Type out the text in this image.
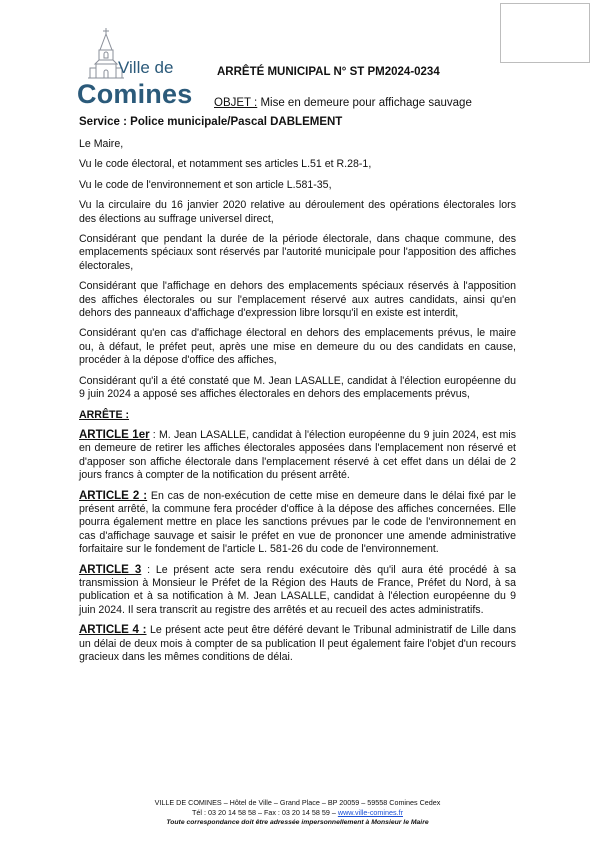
Ville de
Comines
ARRÊTÉ MUNICIPAL N° ST PM2024-0234
OBJET : Mise en demeure pour affichage sauvage
Service : Police municipale/Pascal DABLEMENT

Le Maire,

Vu le code électoral, et notamment ses articles L.51 et R.28-1,

Vu le code de l'environnement et son article L.581-35,

Vu la circulaire du 16 janvier 2020 relative au déroulement des opérations électorales lors des élections au suffrage universel direct,

Considérant que pendant la durée de la période électorale, dans chaque commune, des emplacements spéciaux sont réservés par l'autorité municipale pour l'apposition des affiches électorales,

Considérant que l'affichage en dehors des emplacements spéciaux réservés à l'apposition des affiches électorales ou sur l'emplacement réservé aux autres candidats, ainsi qu'en dehors des panneaux d'affichage d'expression libre lorsqu'il en existe est interdit,

Considérant qu'en cas d'affichage électoral en dehors des emplacements prévus, le maire ou, à défaut, le préfet peut, après une mise en demeure du ou des candidats en cause, procéder à la dépose d'office des affiches,

Considérant qu'il a été constaté que M. Jean LASALLE, candidat à l'élection européenne du 9 juin 2024 a apposé ses affiches électorales en dehors des emplacements prévus,

ARRÊTE :

ARTICLE 1er : M. Jean LASALLE, candidat à l'élection européenne du 9 juin 2024, est mis en demeure de retirer les affiches électorales apposées dans l'emplacement non réservé et d'apposer son affiche électorale dans l'emplacement réservé à cet effet dans un délai de 2 jours francs à compter de la notification du présent arrêté.

ARTICLE 2 : En cas de non-exécution de cette mise en demeure dans le délai fixé par le présent arrêté, la commune fera procéder d'office à la dépose des affiches concernées. Elle pourra également mettre en place les sanctions prévues par le code de l'environnement en cas d'affichage sauvage et saisir le préfet en vue de prononcer une amende administrative forfaitaire sur le fondement de l'article L. 581-26 du code de l'environnement.

ARTICLE 3 : Le présent acte sera rendu exécutoire dès qu'il aura été procédé à sa transmission à Monsieur le Préfet de la Région des Hauts de France, Préfet du Nord, à sa publication et à sa notification à M. Jean LASALLE, candidat à l'élection européenne du 9 juin 2024. Il sera transcrit au registre des arrêtés et au recueil des actes administratifs.

ARTICLE 4 : Le présent acte peut être déféré devant le Tribunal administratif de Lille dans un délai de deux mois à compter de sa publication Il peut également faire l'objet d'un recours gracieux dans les mêmes conditions de délai.

VILLE DE COMINES – Hôtel de Ville – Grand Place – BP 20059 – 59558 Comines Cedex
Tél : 03 20 14 58 58 – Fax : 03 20 14 58 59 – www.ville-comines.fr
Toute correspondance doit être adressée impersonnellement à Monsieur le Maire
